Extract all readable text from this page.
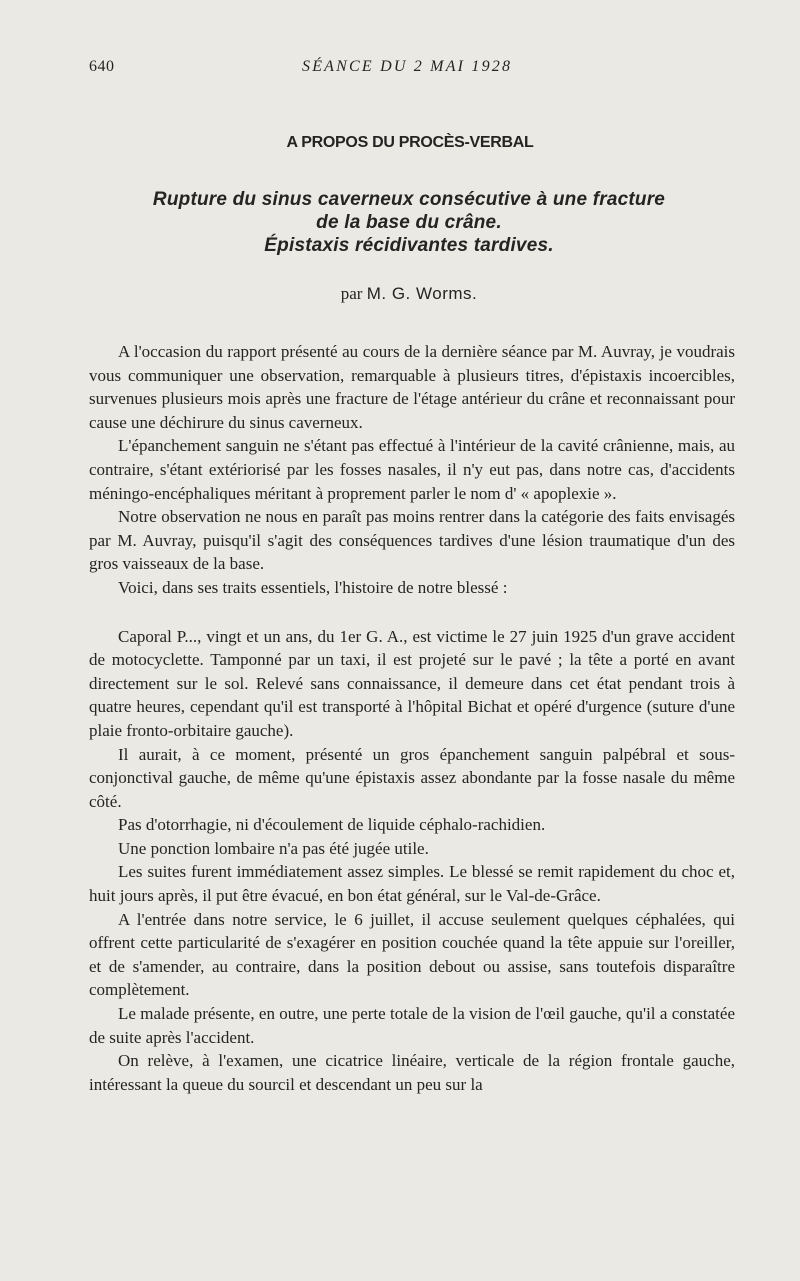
640	SÉANCE DU 2 MAI 1928
A PROPOS DU PROCÈS-VERBAL
Rupture du sinus caverneux consécutive à une fracture
de la base du crâne.
Épistaxis récidivantes tardives.
par M. G. Worms.

A l'occasion du rapport présenté au cours de la dernière séance par M. Auvray, je voudrais vous communiquer une observation, remarquable à plusieurs titres, d'épistaxis incoercibles, survenues plusieurs mois après une fracture de l'étage antérieur du crâne et reconnaissant pour cause une déchirure du sinus caverneux.

L'épanchement sanguin ne s'étant pas effectué à l'intérieur de la cavité crânienne, mais, au contraire, s'étant extériorisé par les fosses nasales, il n'y eut pas, dans notre cas, d'accidents méningo-encéphaliques méritant à proprement parler le nom d' « apoplexie ».

Notre observation ne nous en paraît pas moins rentrer dans la catégorie des faits envisagés par M. Auvray, puisqu'il s'agit des conséquences tardives d'une lésion traumatique d'un des gros vaisseaux de la base.

Voici, dans ses traits essentiels, l'histoire de notre blessé :

Caporal P..., vingt et un ans, du 1er G. A., est victime le 27 juin 1925 d'un grave accident de motocyclette. Tamponné par un taxi, il est projeté sur le pavé ; la tête a porté en avant directement sur le sol. Relevé sans connaissance, il demeure dans cet état pendant trois à quatre heures, cependant qu'il est transporté à l'hôpital Bichat et opéré d'urgence (suture d'une plaie fronto-orbitaire gauche).

Il aurait, à ce moment, présenté un gros épanchement sanguin palpébral et sous-conjonctival gauche, de même qu'une épistaxis assez abondante par la fosse nasale du même côté.

Pas d'otorrhagie, ni d'écoulement de liquide céphalo-rachidien.

Une ponction lombaire n'a pas été jugée utile.

Les suites furent immédiatement assez simples. Le blessé se remit rapidement du choc et, huit jours après, il put être évacué, en bon état général, sur le Val-de-Grâce.

A l'entrée dans notre service, le 6 juillet, il accuse seulement quelques céphalées, qui offrent cette particularité de s'exagérer en position couchée quand la tête appuie sur l'oreiller, et de s'amender, au contraire, dans la position debout ou assise, sans toutefois disparaître complètement.

Le malade présente, en outre, une perte totale de la vision de l'œil gauche, qu'il a constatée de suite après l'accident.

On relève, à l'examen, une cicatrice linéaire, verticale de la région frontale gauche, intéressant la queue du sourcil et descendant un peu sur la
